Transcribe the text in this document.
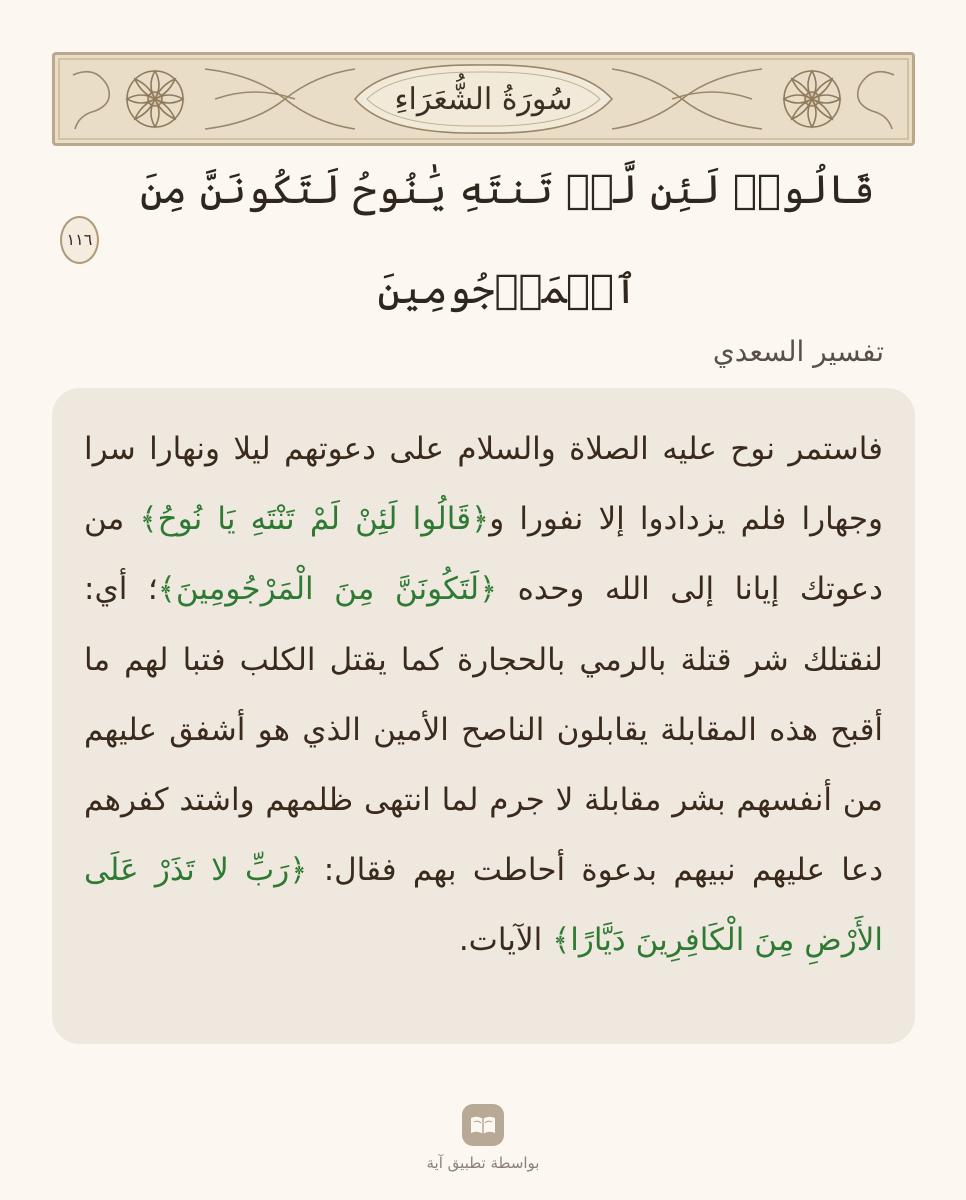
سُورَةُ الشُّعَرَاءِ
قَالُوا۟ لَئِن لَّمۡ تَنتَهِ يَٰنُوحُ لَتَكُونَنَّ مِنَ ٱلۡمَرۡجُومِينَ
١١٦
تفسير السعدي

فاستمر نوح عليه الصلاة والسلام على دعوتهم ليلا ونهارا سرا وجهارا فلم يزدادوا إلا نفورا و﴿قَالُوا لَئِنْ لَمْ تَنْتَهِ يَا نُوحُ﴾ من دعوتك إيانا إلى الله وحده ﴿لَتَكُونَنَّ مِنَ الْمَرْجُومِينَ﴾؛ أي: لنقتلك شر قتلة بالرمي بالحجارة كما يقتل الكلب فتبا لهم ما أقبح هذه المقابلة يقابلون الناصح الأمين الذي هو أشفق عليهم من أنفسهم بشر مقابلة لا جرم لما انتهى ظلمهم واشتد كفرهم دعا عليهم نبيهم بدعوة أحاطت بهم فقال: ﴿رَبِّ لا تَذَرْ عَلَى الأَرْضِ مِنَ الْكَافِرِينَ دَيَّارًا﴾ الآيات.

بواسطة تطبيق آية
